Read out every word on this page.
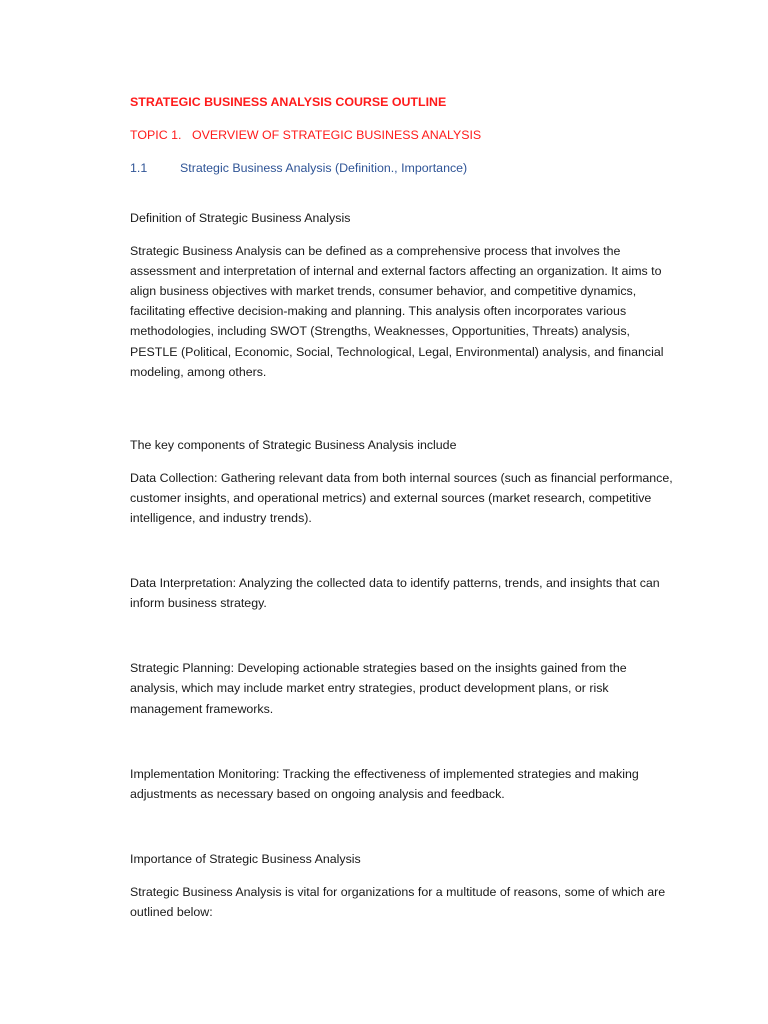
STRATEGIC BUSINESS ANALYSIS COURSE OUTLINE
TOPIC 1. OVERVIEW OF STRATEGIC BUSINESS ANALYSIS
1.1	Strategic Business Analysis (Definition., Importance)

Definition of Strategic Business Analysis

Strategic Business Analysis can be defined as a comprehensive process that involves the assessment and interpretation of internal and external factors affecting an organization. It aims to align business objectives with market trends, consumer behavior, and competitive dynamics, facilitating effective decision-making and planning. This analysis often incorporates various methodologies, including SWOT (Strengths, Weaknesses, Opportunities, Threats) analysis, PESTLE (Political, Economic, Social, Technological, Legal, Environmental) analysis, and financial modeling, among others.

The key components of Strategic Business Analysis include

Data Collection: Gathering relevant data from both internal sources (such as financial performance, customer insights, and operational metrics) and external sources (market research, competitive intelligence, and industry trends).

Data Interpretation: Analyzing the collected data to identify patterns, trends, and insights that can inform business strategy.

Strategic Planning: Developing actionable strategies based on the insights gained from the analysis, which may include market entry strategies, product development plans, or risk management frameworks.

Implementation Monitoring: Tracking the effectiveness of implemented strategies and making adjustments as necessary based on ongoing analysis and feedback.

Importance of Strategic Business Analysis

Strategic Business Analysis is vital for organizations for a multitude of reasons, some of which are outlined below:
